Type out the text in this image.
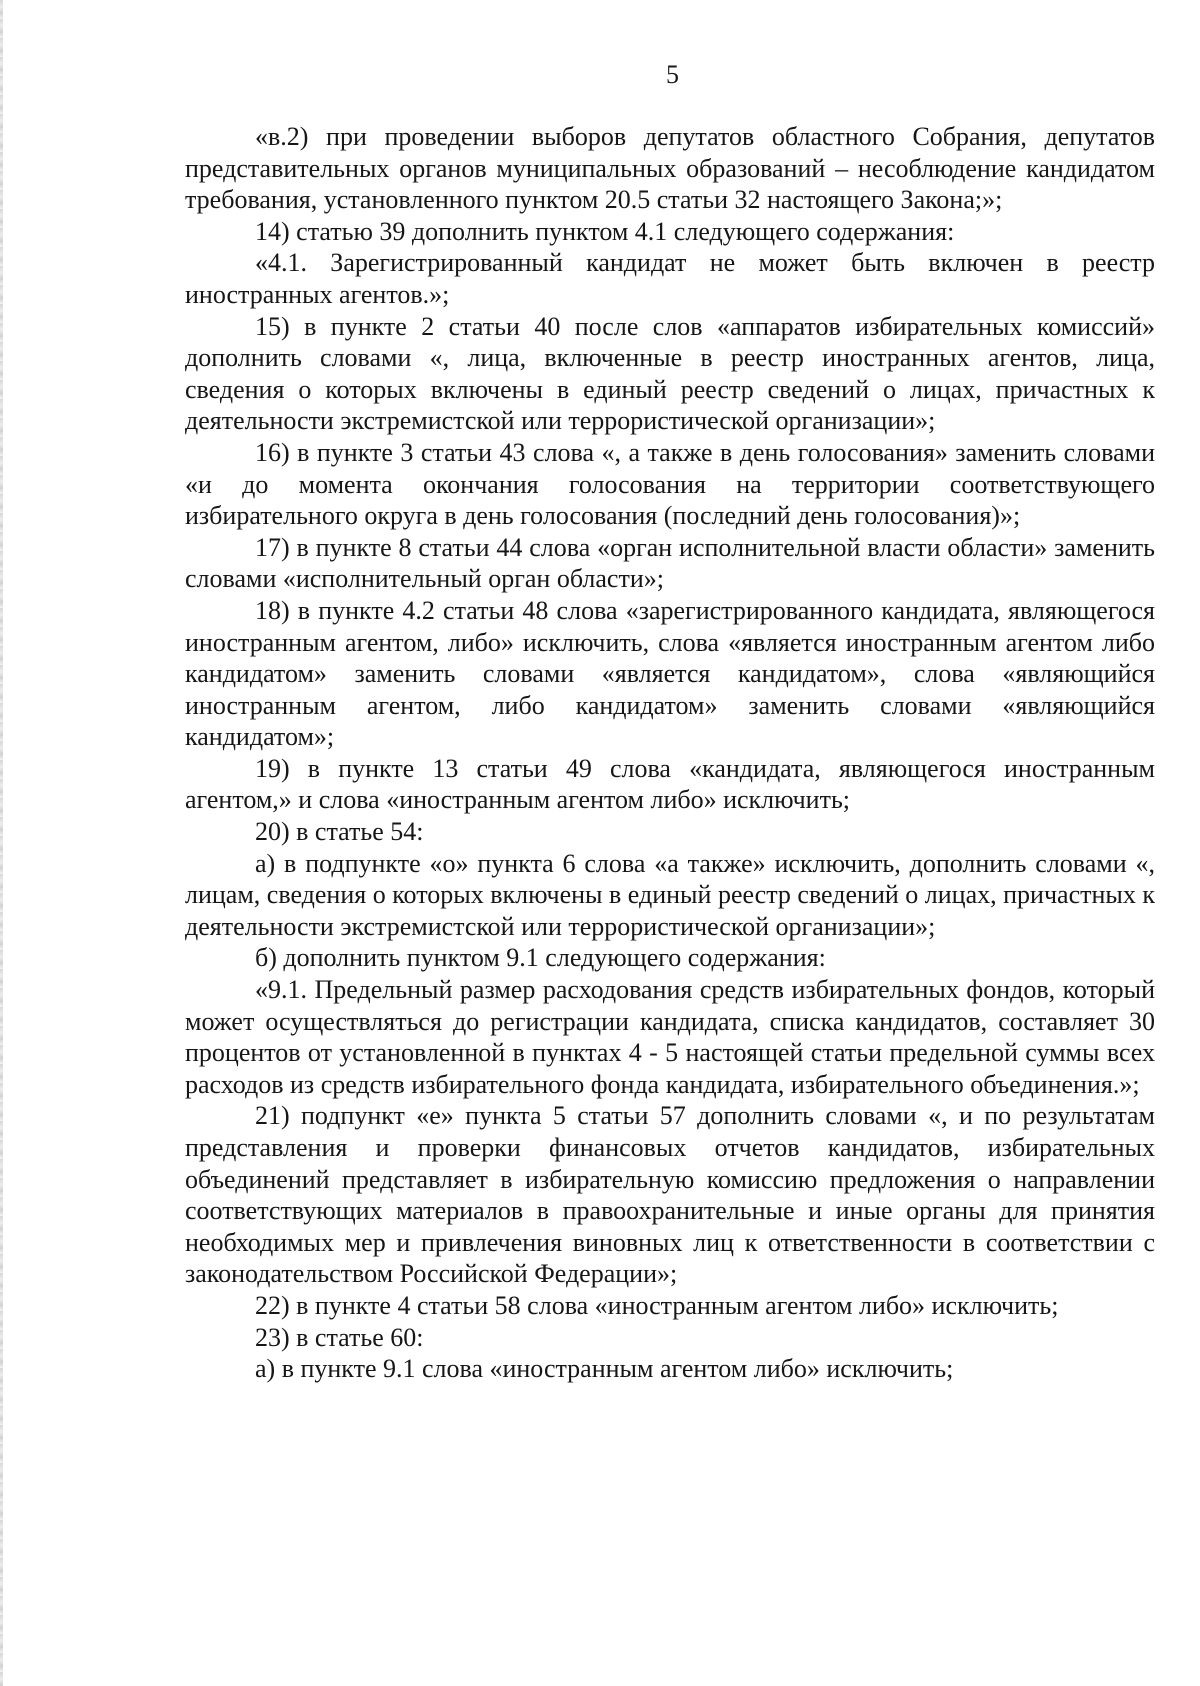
5

«в.2) при проведении выборов депутатов областного Собрания, депутатов представительных органов муниципальных образований – несоблюдение кандидатом требования, установленного пунктом 20.5 статьи 32 настоящего Закона;»;

14) статью 39 дополнить пунктом 4.1 следующего содержания:

«4.1. Зарегистрированный кандидат не может быть включен в реестр иностранных агентов.»;

15) в пункте 2 статьи 40 после слов «аппаратов избирательных комиссий» дополнить словами «, лица, включенные в реестр иностранных агентов, лица, сведения о которых включены в единый реестр сведений о лицах, причастных к деятельности экстремистской или террористической организации»;

16) в пункте 3 статьи 43 слова «, а также в день голосования» заменить словами «и до момента окончания голосования на территории соответствующего избирательного округа в день голосования (последний день голосования)»;

17) в пункте 8 статьи 44 слова «орган исполнительной власти области» заменить словами «исполнительный орган области»;

18) в пункте 4.2 статьи 48 слова «зарегистрированного кандидата, являющегося иностранным агентом, либо» исключить, слова «является иностранным агентом либо кандидатом» заменить словами «является кандидатом», слова «являющийся иностранным агентом, либо кандидатом» заменить словами «являющийся кандидатом»;

19) в пункте 13 статьи 49 слова «кандидата, являющегося иностранным агентом,» и слова «иностранным агентом либо» исключить;

20) в статье 54:

а) в подпункте «о» пункта 6 слова «а также» исключить, дополнить словами «, лицам, сведения о которых включены в единый реестр сведений о лицах, причастных к деятельности экстремистской или террористической организации»;

б) дополнить пунктом 9.1 следующего содержания:

«9.1. Предельный размер расходования средств избирательных фондов, который может осуществляться до регистрации кандидата, списка кандидатов, составляет 30 процентов от установленной в пунктах 4 - 5 настоящей статьи предельной суммы всех расходов из средств избирательного фонда кандидата, избирательного объединения.»;

21) подпункт «е» пункта 5 статьи 57 дополнить словами «, и по результатам представления и проверки финансовых отчетов кандидатов, избирательных объединений представляет в избирательную комиссию предложения о направлении соответствующих материалов в правоохранительные и иные органы для принятия необходимых мер и привлечения виновных лиц к ответственности в соответствии с законодательством Российской Федерации»;

22) в пункте 4 статьи 58 слова «иностранным агентом либо» исключить;

23) в статье 60:

а) в пункте 9.1 слова «иностранным агентом либо» исключить;
